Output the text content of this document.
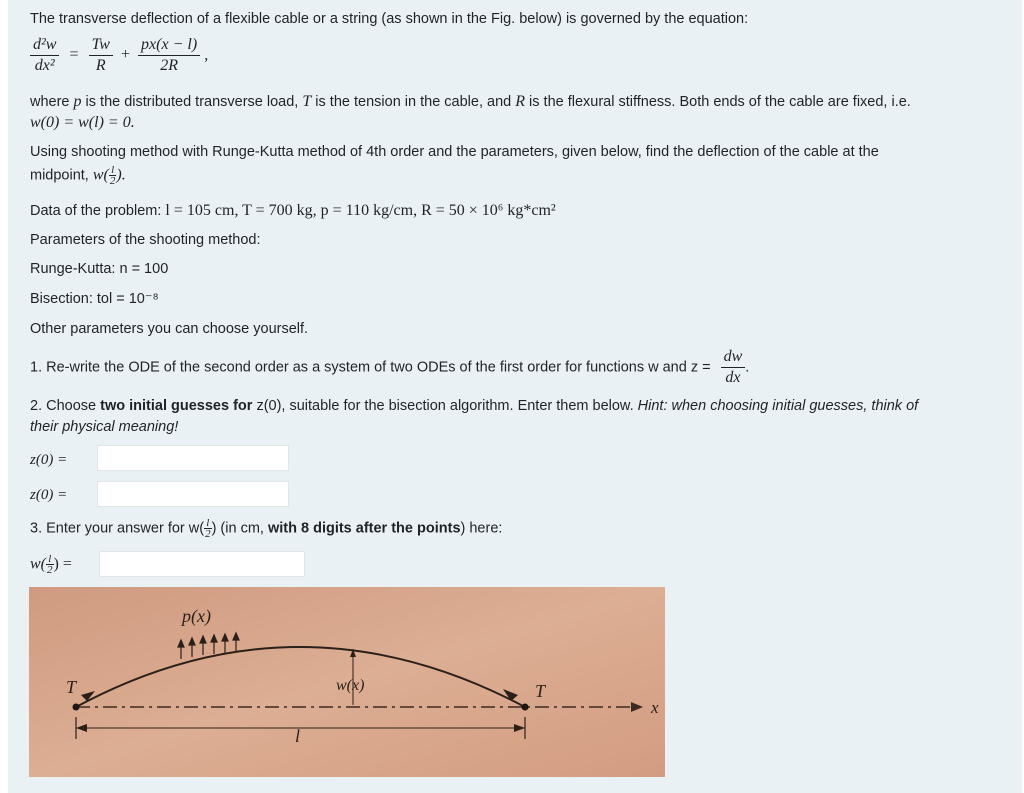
The transverse deflection of a flexible cable or a string (as shown in the Fig. below) is governed by the equation:
$\frac{\text{d²w}}{\text{dx²}} = \frac{Tw}{R} + \frac{px(x - l)}{2R}$ ,
where p is the distributed transverse load, T is the tension in the cable, and R is the flexural stiffness. Both ends of the cable are fixed, i.e.
w(0) = w(l) = 0.
Using shooting method with Runge-Kutta method of 4th order and the parameters, given below, find the deflection of the cable at the
midpoint, $w( \frac{l}{2}$ ).
Data of the problem: l = 105 cm, T = 700 kg, p = 110 kg/cm, R = 50 × 10⁶ kg*cm²
Parameters of the shooting method:
Runge-Kutta: n = 100
Bisection: tol = 10⁻⁸
Other parameters you can choose yourself.
1. Re-write the ODE of the second order as a system of two ODEs of the first order for functions w and $z = \frac{dw}{dx}$ .
2. Choose two initial guesses for z(0), suitable for the bisection algorithm. Enter them below. Hint: when choosing initial guesses, think of
their physical meaning!
z(0) =
z(0) =
3. Enter your answer for $w( \frac{l}{2}$ ) (in cm, with 8 digits after the points) here:
$w( \frac{l}{2}$ ) =
p(x)
w(x)
T	T
x
l
